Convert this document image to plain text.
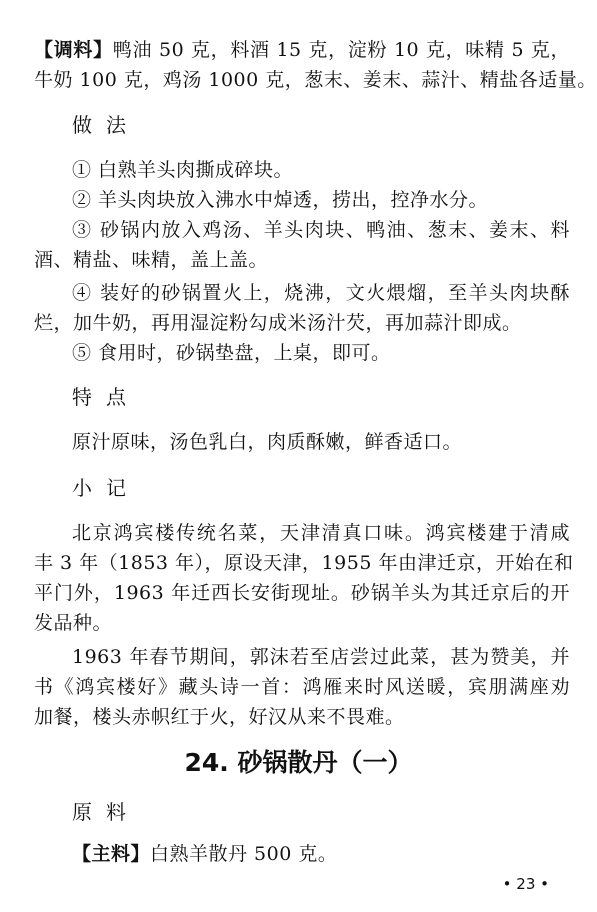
【调料】鸭油 50 克，料酒 15 克，淀粉 10 克，味精 5 克，
牛奶 100 克，鸡汤 1000 克，葱末、姜末、蒜汁、精盐各适量。
做法
① 白熟羊头肉撕成碎块。
② 羊头肉块放入沸水中焯透，捞出，控净水分。
③ 砂锅内放入鸡汤、羊头肉块、鸭油、葱末、姜末、料
酒、精盐、味精，盖上盖。
④ 装好的砂锅置火上，烧沸，文火煨熘，至羊头肉块酥
烂，加牛奶，再用湿淀粉勾成米汤汁芡，再加蒜汁即成。
⑤ 食用时，砂锅垫盘，上桌，即可。
特点
原汁原味，汤色乳白，肉质酥嫩，鲜香适口。
小记
北京鸿宾楼传统名菜，天津清真口味。鸿宾楼建于清咸
丰 3 年（1853 年），原设天津，1955 年由津迁京，开始在和
平门外，1963 年迁西长安街现址。砂锅羊头为其迁京后的开
发品种。
1963 年春节期间，郭沫若至店尝过此菜，甚为赞美，并
书《鸿宾楼好》藏头诗一首：鸿雁来时风送暖，宾朋满座劝
加餐，楼头赤帜红于火，好汉从来不畏难。
24. 砂锅散丹（一）
原料
【主料】白熟羊散丹 500 克。
• 23 •
